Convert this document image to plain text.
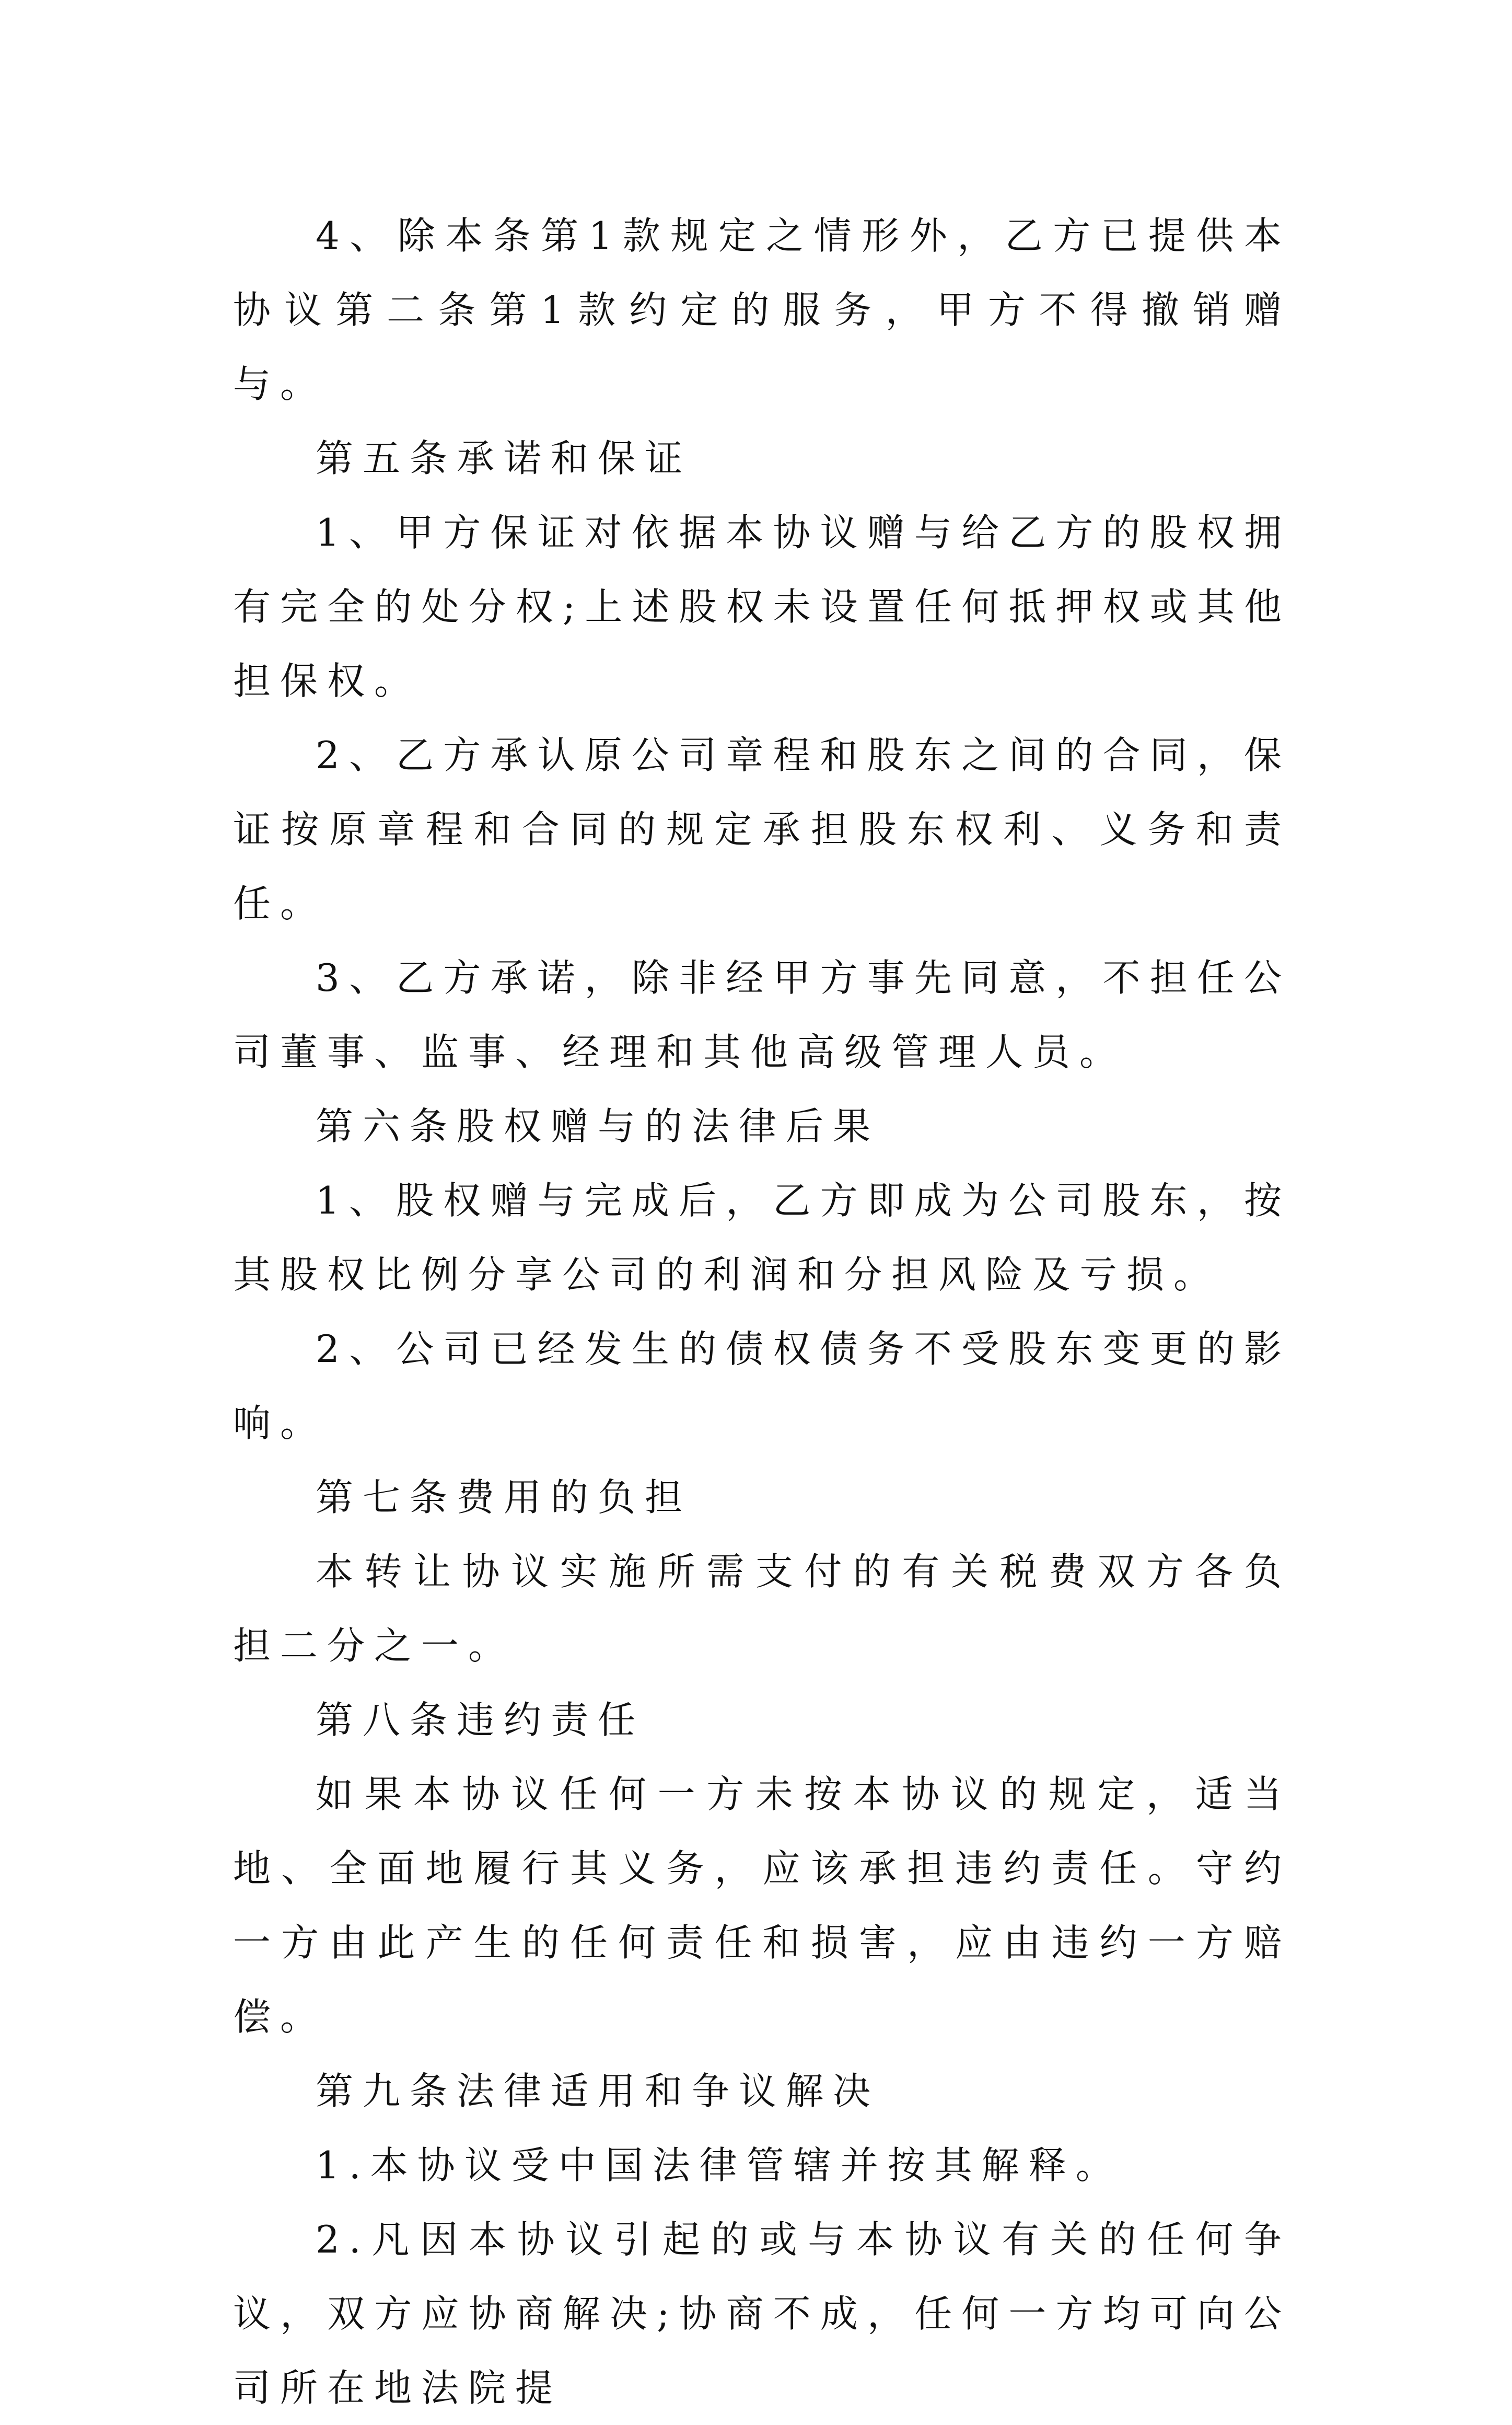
4、除本条第1款规定之情形外，乙方已提供本协议第二条第1款约定的服务，甲方不得撤销赠与。

第五条承诺和保证

1、甲方保证对依据本协议赠与给乙方的股权拥有完全的处分权;上述股权未设置任何抵押权或其他担保权。

2、乙方承认原公司章程和股东之间的合同，保证按原章程和合同的规定承担股东权利、义务和责任。

3、乙方承诺，除非经甲方事先同意，不担任公司董事、监事、经理和其他高级管理人员。

第六条股权赠与的法律后果

1、股权赠与完成后，乙方即成为公司股东，按其股权比例分享公司的利润和分担风险及亏损。

2、公司已经发生的债权债务不受股东变更的影响。

第七条费用的负担

本转让协议实施所需支付的有关税费双方各负担二分之一。

第八条违约责任

如果本协议任何一方未按本协议的规定，适当地、全面地履行其义务，应该承担违约责任。守约一方由此产生的任何责任和损害，应由违约一方赔偿。

第九条法律适用和争议解决

1.本协议受中国法律管辖并按其解释。

2.凡因本协议引起的或与本协议有关的任何争议，双方应协商解决;协商不成，任何一方均可向公司所在地法院提
